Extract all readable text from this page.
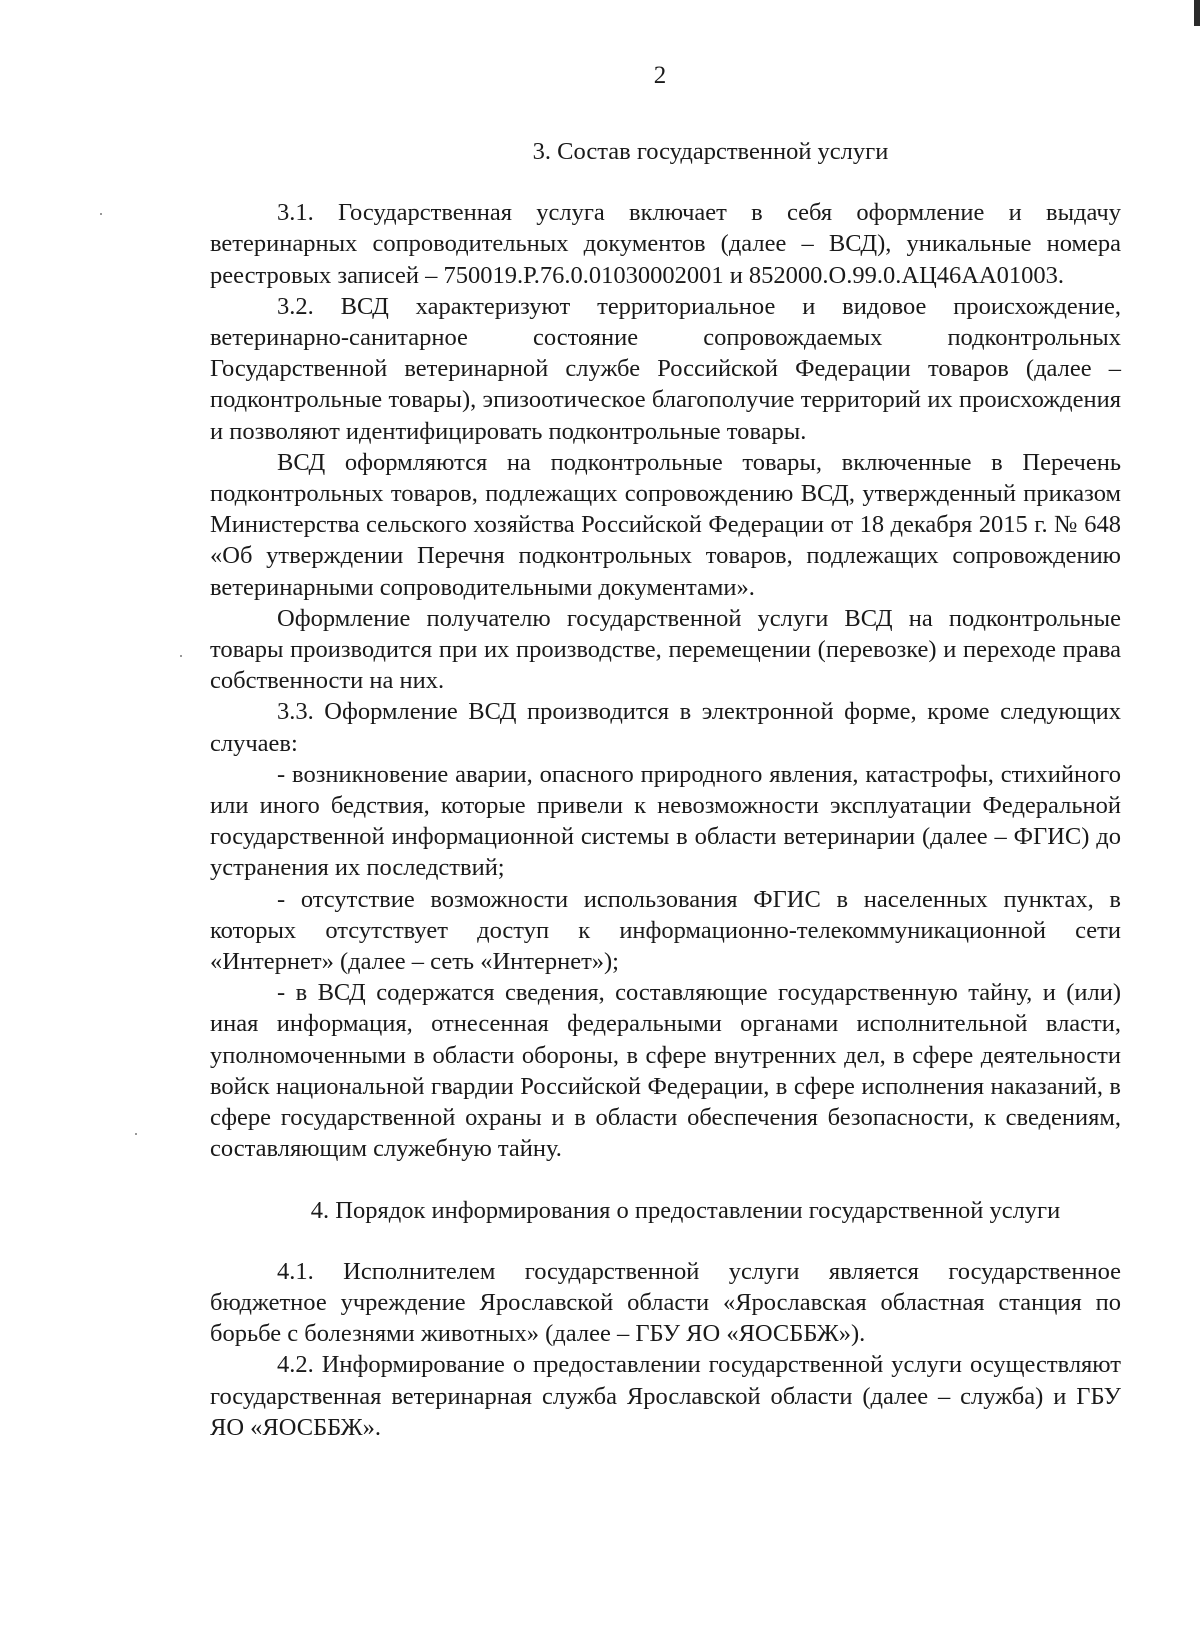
2
3. Состав государственной услуги

3.1. Государственная услуга включает в себя оформление и выдачу ветеринарных сопроводительных документов (далее – ВСД), уникальные номера реестровых записей – 750019.Р.76.0.01030002001 и 852000.О.99.0.АЦ46АА01003.

3.2. ВСД характеризуют территориальное и видовое происхождение, ветеринарно-санитарное состояние сопровождаемых подконтрольных Государственной ветеринарной службе Российской Федерации товаров (далее – подконтрольные товары), эпизоотическое благополучие территорий их происхождения и позволяют идентифицировать подконтрольные товары.

ВСД оформляются на подконтрольные товары, включенные в Перечень подконтрольных товаров, подлежащих сопровождению ВСД, утвержденный приказом Министерства сельского хозяйства Российской Федерации от 18 декабря 2015 г. № 648 «Об утверждении Перечня подконтрольных товаров, подлежащих сопровождению ветеринарными сопроводительными документами».

Оформление получателю государственной услуги ВСД на подконтрольные товары производится при их производстве, перемещении (перевозке) и переходе права собственности на них.

3.3. Оформление ВСД производится в электронной форме, кроме следующих случаев:

- возникновение аварии, опасного природного явления, катастрофы, стихийного или иного бедствия, которые привели к невозможности эксплуатации Федеральной государственной информационной системы в области ветеринарии (далее – ФГИС) до устранения их последствий;

- отсутствие возможности использования ФГИС в населенных пунктах, в которых отсутствует доступ к информационно-телекоммуникационной сети «Интернет» (далее – сеть «Интернет»);

- в ВСД содержатся сведения, составляющие государственную тайну, и (или) иная информация, отнесенная федеральными органами исполнительной власти, уполномоченными в области обороны, в сфере внутренних дел, в сфере деятельности войск национальной гвардии Российской Федерации, в сфере исполнения наказаний, в сфере государственной охраны и в области обеспечения безопасности, к сведениям, составляющим служебную тайну.

4. Порядок информирования о предоставлении государственной услуги

4.1. Исполнителем государственной услуги является государственное бюджетное учреждение Ярославской области «Ярославская областная станция по борьбе с болезнями животных» (далее – ГБУ ЯО «ЯОСББЖ»).

4.2. Информирование о предоставлении государственной услуги осуществляют государственная ветеринарная служба Ярославской области (далее – служба) и ГБУ ЯО «ЯОСББЖ».
